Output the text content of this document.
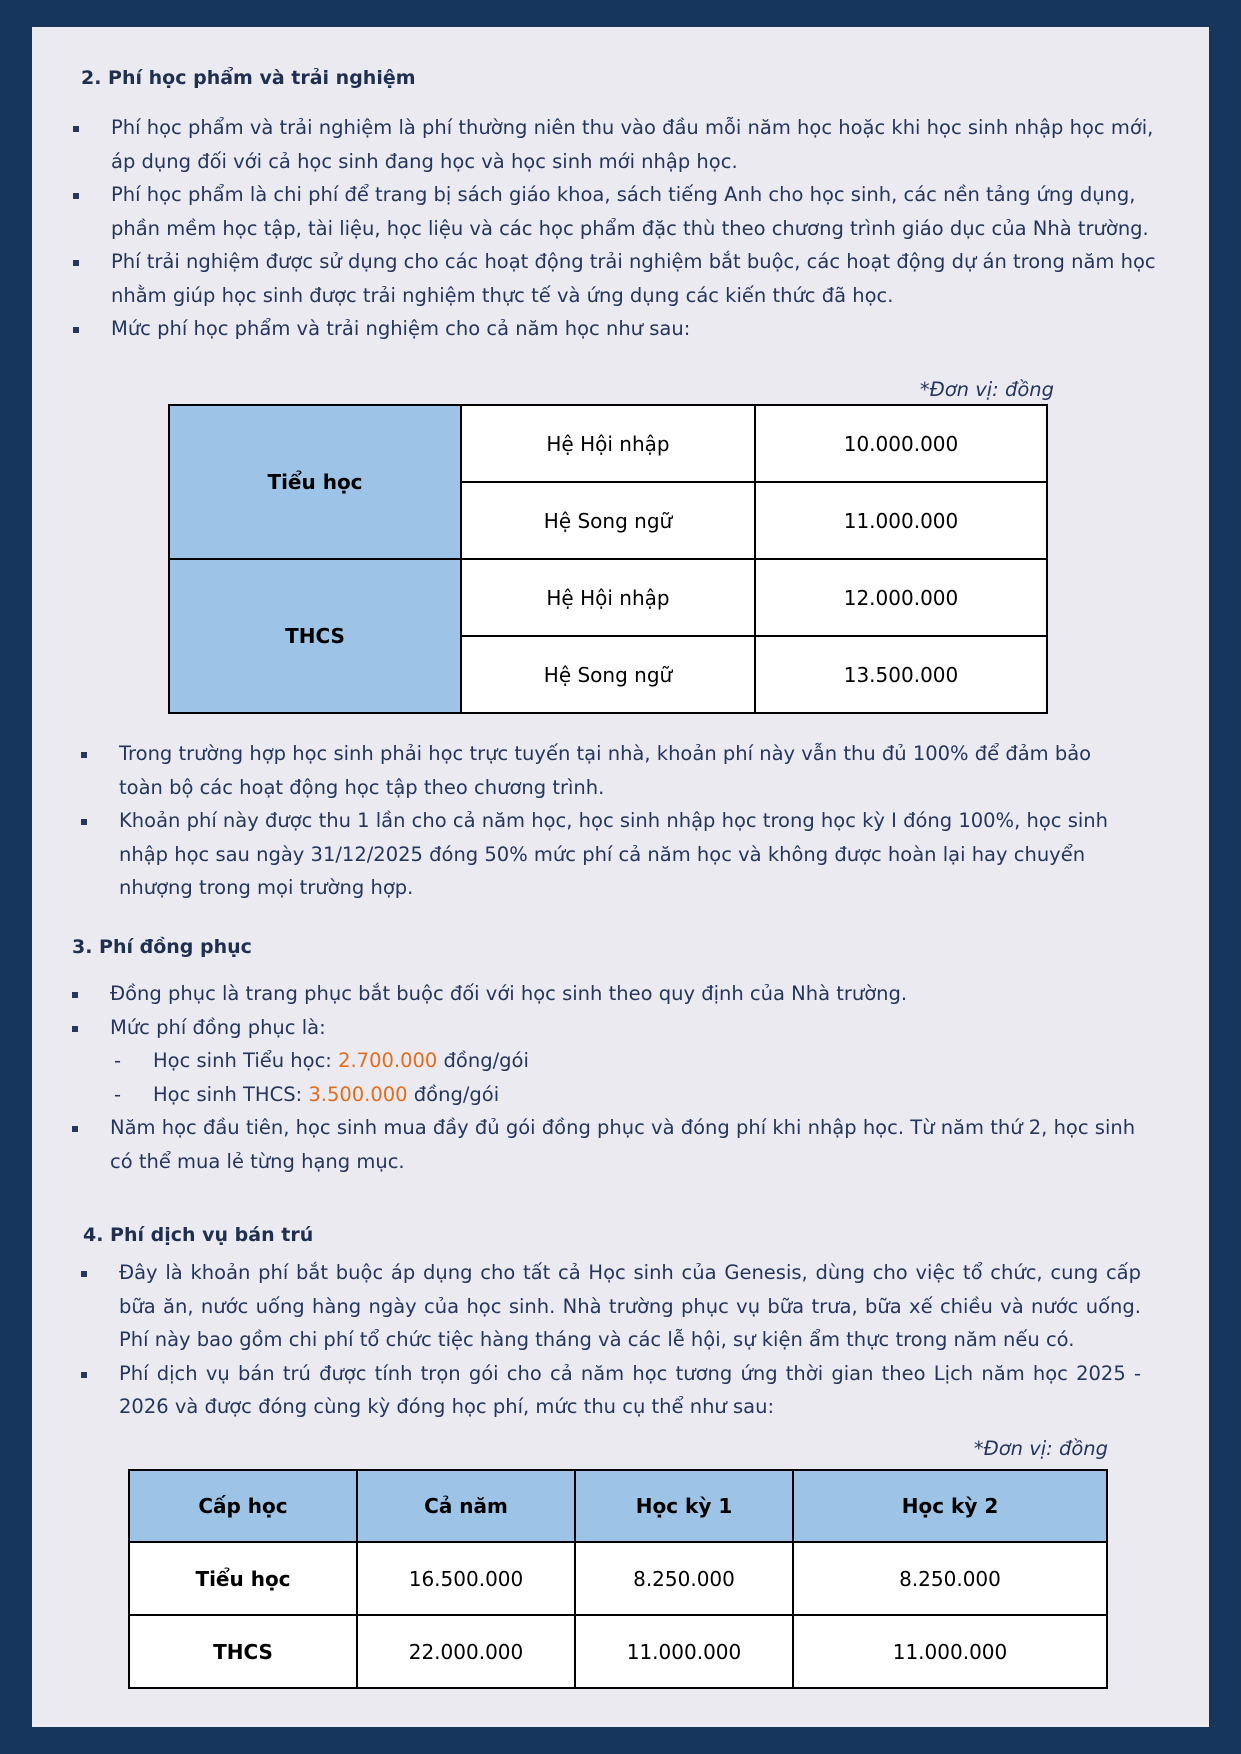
2. Phí học phẩm và trải nghiệm
Phí học phẩm và trải nghiệm là phí thường niên thu vào đầu mỗi năm học hoặc khi học sinh nhập học mới, áp dụng đối với cả học sinh đang học và học sinh mới nhập học.
Phí học phẩm là chi phí để trang bị sách giáo khoa, sách tiếng Anh cho học sinh, các nền tảng ứng dụng, phần mềm học tập, tài liệu, học liệu và các học phẩm đặc thù theo chương trình giáo dục của Nhà trường.
Phí trải nghiệm được sử dụng cho các hoạt động trải nghiệm bắt buộc, các hoạt động dự án trong năm học nhằm giúp học sinh được trải nghiệm thực tế và ứng dụng các kiến thức đã học.
Mức phí học phẩm và trải nghiệm cho cả năm học như sau:
*Đơn vị: đồng
Tiểu học	Hệ Hội nhập	10.000.000
	Hệ Song ngữ	11.000.000
THCS	Hệ Hội nhập	12.000.000
	Hệ Song ngữ	13.500.000
Trong trường hợp học sinh phải học trực tuyến tại nhà, khoản phí này vẫn thu đủ 100% để đảm bảo toàn bộ các hoạt động học tập theo chương trình.
Khoản phí này được thu 1 lần cho cả năm học, học sinh nhập học trong học kỳ I đóng 100%, học sinh nhập học sau ngày 31/12/2025 đóng 50% mức phí cả năm học và không được hoàn lại hay chuyển nhượng trong mọi trường hợp.
3. Phí đồng phục
Đồng phục là trang phục bắt buộc đối với học sinh theo quy định của Nhà trường.
Mức phí đồng phục là:
- Học sinh Tiểu học: 2.700.000 đồng/gói
- Học sinh THCS: 3.500.000 đồng/gói
Năm học đầu tiên, học sinh mua đầy đủ gói đồng phục và đóng phí khi nhập học. Từ năm thứ 2, học sinh có thể mua lẻ từng hạng mục.
4. Phí dịch vụ bán trú
Đây là khoản phí bắt buộc áp dụng cho tất cả Học sinh của Genesis, dùng cho việc tổ chức, cung cấp bữa ăn, nước uống hàng ngày của học sinh. Nhà trường phục vụ bữa trưa, bữa xế chiều và nước uống. Phí này bao gồm chi phí tổ chức tiệc hàng tháng và các lễ hội, sự kiện ẩm thực trong năm nếu có.
Phí dịch vụ bán trú được tính trọn gói cho cả năm học tương ứng thời gian theo Lịch năm học 2025 - 2026 và được đóng cùng kỳ đóng học phí, mức thu cụ thể như sau:
*Đơn vị: đồng
Cấp học	Cả năm	Học kỳ 1	Học kỳ 2
Tiểu học	16.500.000	8.250.000	8.250.000
THCS	22.000.000	11.000.000	11.000.000
